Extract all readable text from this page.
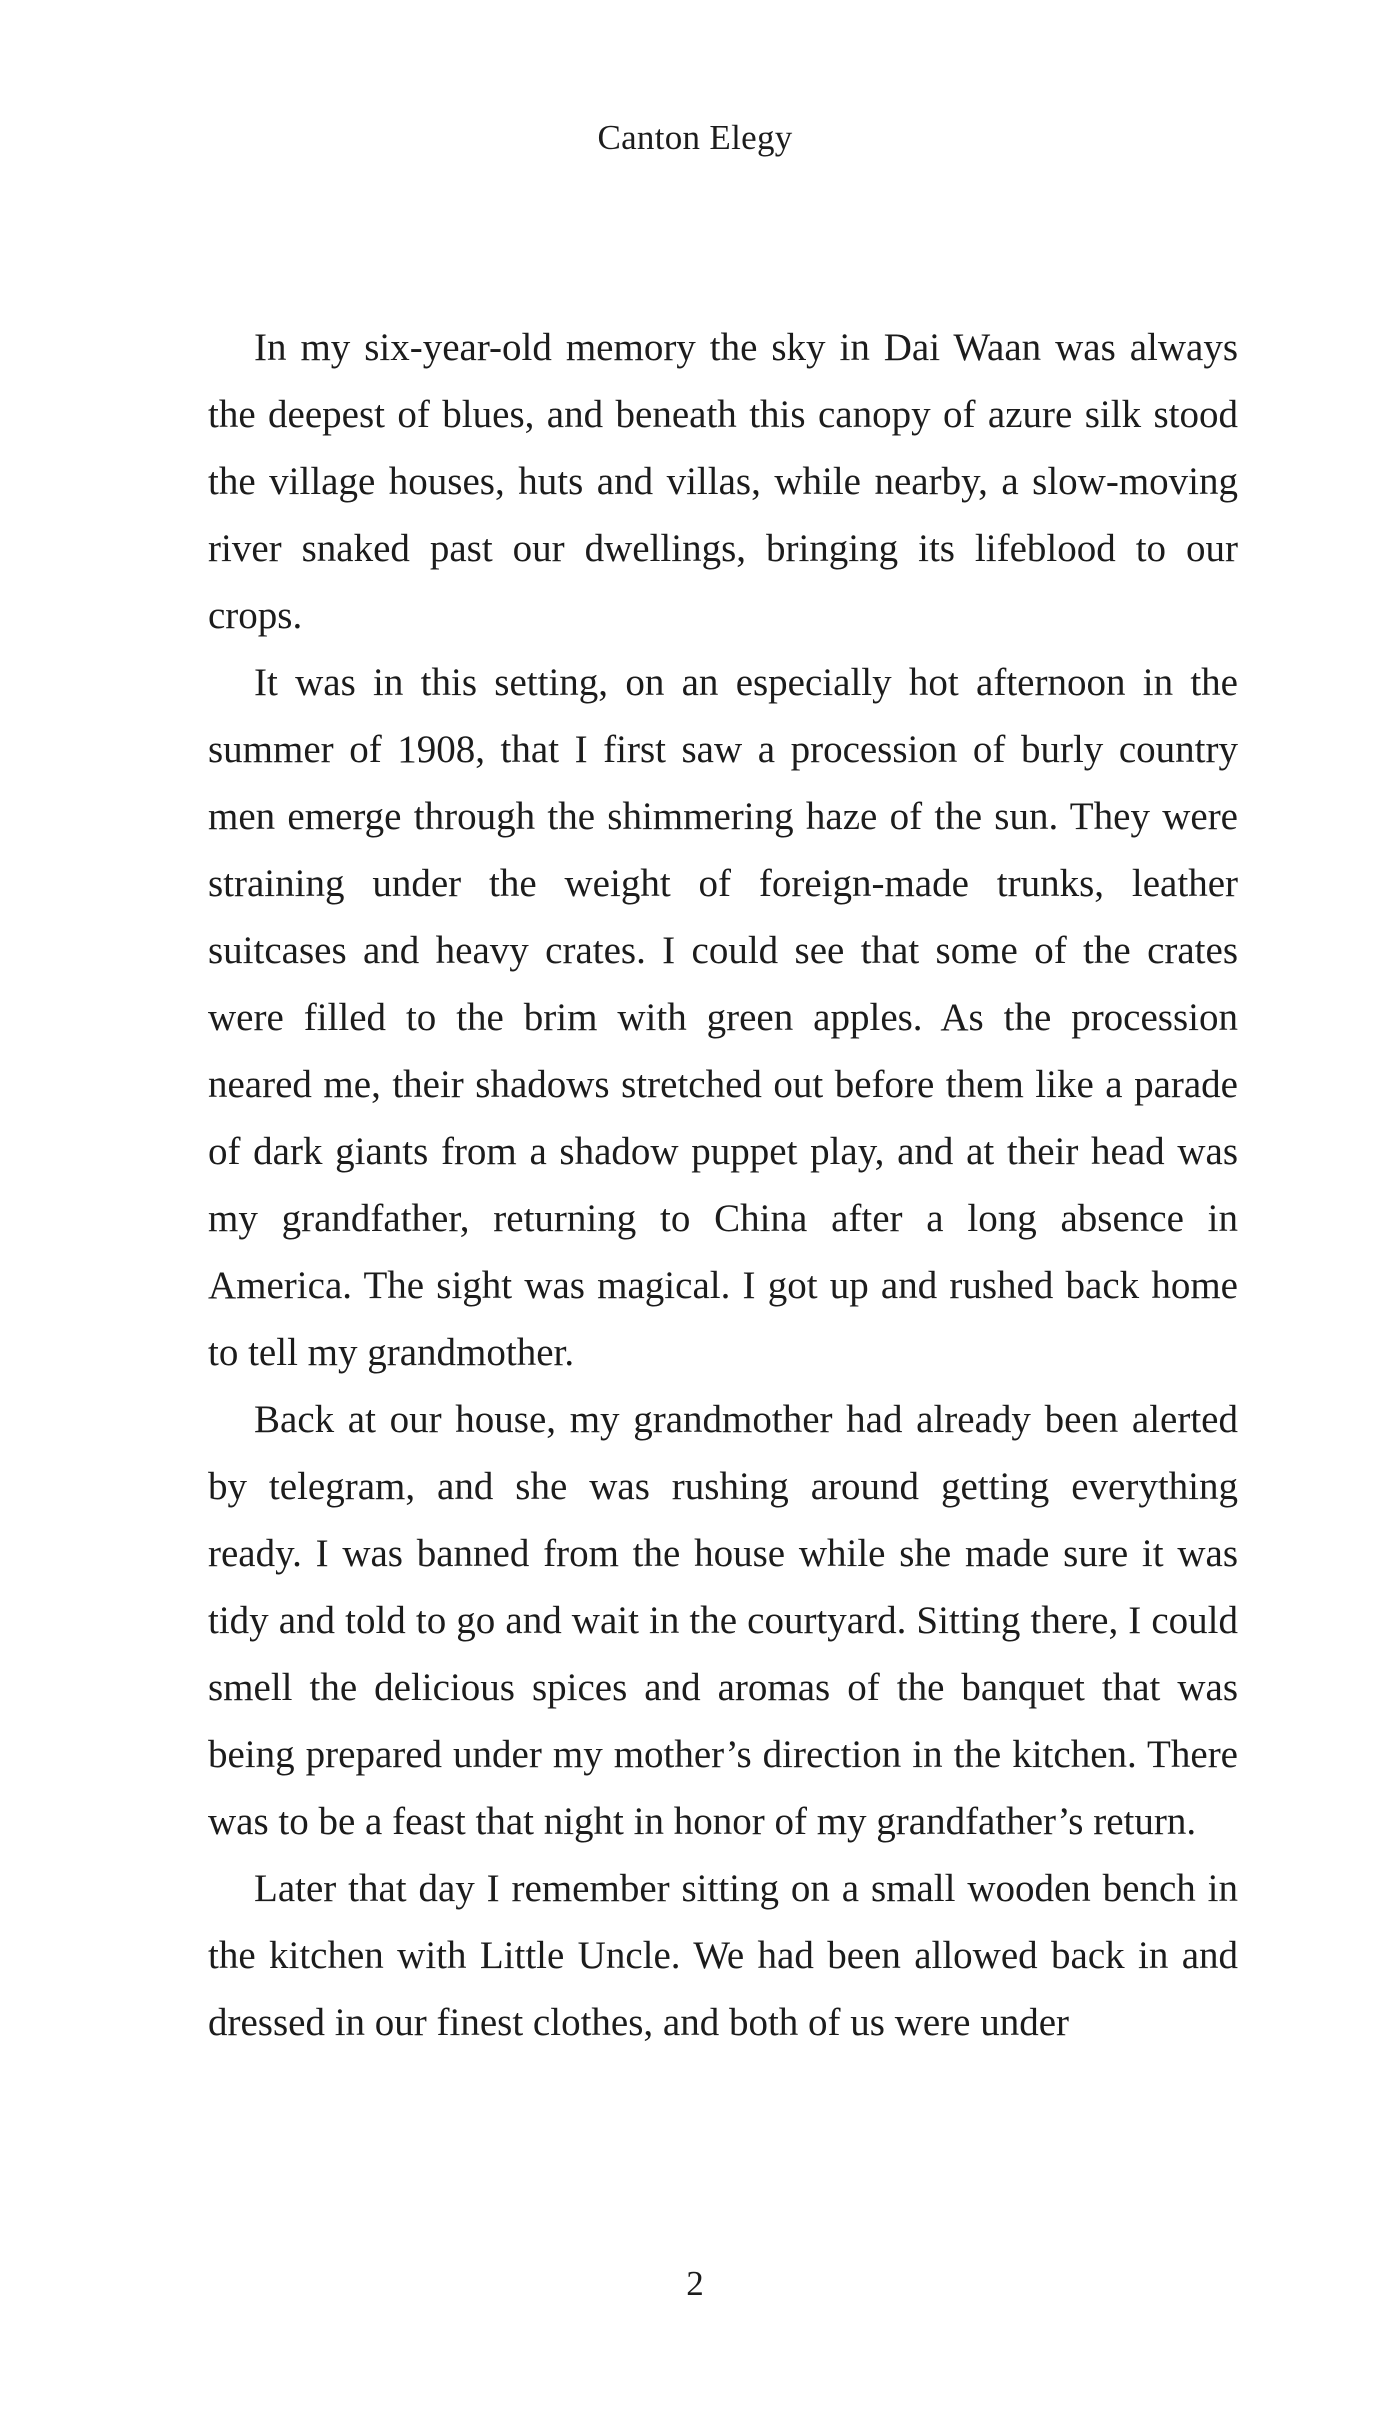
Canton Elegy

In my six-year-old memory the sky in Dai Waan was always the deepest of blues, and beneath this canopy of azure silk stood the village houses, huts and villas, while nearby, a slow-moving river snaked past our dwellings, bringing its lifeblood to our crops.

It was in this setting, on an especially hot afternoon in the summer of 1908, that I first saw a procession of burly country men emerge through the shimmering haze of the sun. They were straining under the weight of foreign-made trunks, leather suitcases and heavy crates. I could see that some of the crates were filled to the brim with green apples. As the procession neared me, their shadows stretched out before them like a parade of dark giants from a shadow puppet play, and at their head was my grandfather, returning to China after a long absence in America. The sight was magical. I got up and rushed back home to tell my grandmother.

Back at our house, my grandmother had already been alerted by telegram, and she was rushing around getting everything ready. I was banned from the house while she made sure it was tidy and told to go and wait in the courtyard. Sitting there, I could smell the delicious spices and aromas of the banquet that was being prepared under my mother’s direction in the kitchen. There was to be a feast that night in honor of my grandfather’s return.

Later that day I remember sitting on a small wooden bench in the kitchen with Little Uncle. We had been allowed back in and dressed in our finest clothes, and both of us were under

2
